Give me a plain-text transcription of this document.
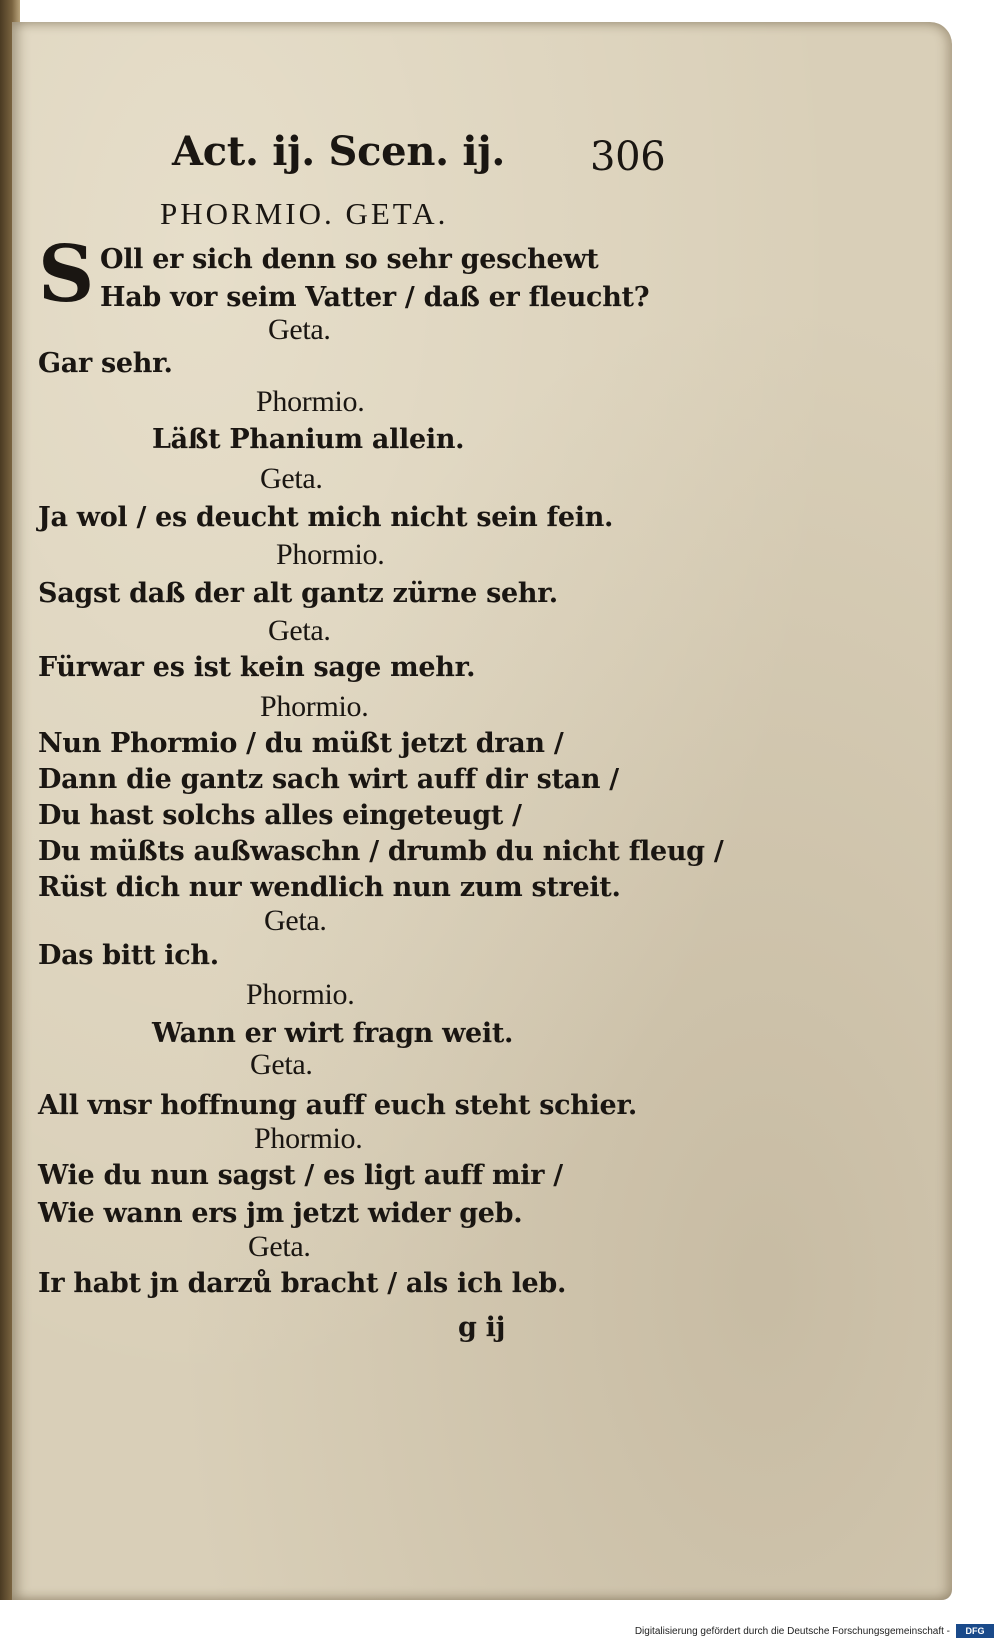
Act. ij. Scen. ij. 306
PHORMIO. GETA.
S Oll er sich denn so sehr geschewt
Hab vor seim Vatter / daß er fleucht?
Geta.
Gar sehr.
Phormio.
Läßt Phanium allein.
Geta.
Ja wol / es deucht mich nicht sein fein.
Phormio.
Sagst daß der alt gantz zürne sehr.
Geta.
Fürwar es ist kein sage mehr.
Phormio.
Nun Phormio / du müßt jetzt dran /
Dann die gantz sach wirt auff dir stan /
Du hast solchs alles eingeteugt /
Du müßts außwaschn / drumb du nicht fleug /
Rüst dich nur wendlich nun zum streit.
Geta.
Das bitt ich.
Phormio.
Wann er wirt fragn weit.
Geta.
All vnsr hoffnung auff euch steht schier.
Phormio.
Wie du nun sagst / es ligt auff mir /
Wie wann ers jm jetzt wider geb.
Geta.
Ir habt jn darzů bracht / als ich leb.
g ij
Digitalisierung gefördert durch die Deutsche Forschungsgemeinschaft -	DFG
